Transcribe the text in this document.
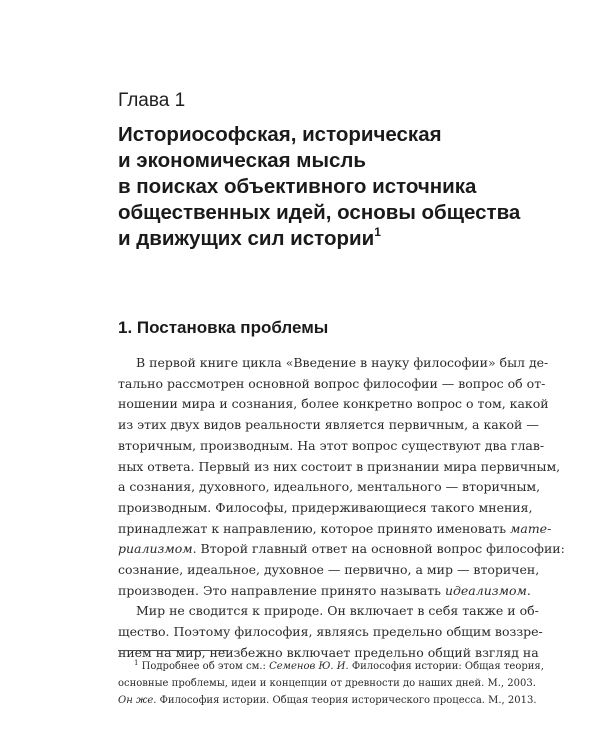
Глава 1
Историософская, историческая
и экономическая мысль
в поисках объективного источника
общественных идей, основы общества
и движущих сил истории$^1$
1. Постановка проблемы
В первой книге цикла «Введение в науку философии» был де-
тально рассмотрен основной вопрос философии — вопрос об от-
ношении мира и сознания, более конкретно вопрос о том, какой
из этих двух видов реальности является первичным, а какой —
вторичным, производным. На этот вопрос существуют два глав-
ных ответа. Первый из них состоит в признании мира первичным,
а сознания, духовного, идеального, ментального — вторичным,
производным. Философы, придерживающиеся такого мнения,
принадлежат к направлению, которое принято именовать мате-
риализмом. Второй главный ответ на основной вопрос философии:
сознание, идеальное, духовное — первично, а мир — вторичен,
производен. Это направление принято называть идеализмом.
Мир не сводится к природе. Он включает в себя также и об-
щество. Поэтому философия, являясь предельно общим воззре-
нием на мир, неизбежно включает предельно общий взгляд на
$^1$ Подробнее об этом см.: Семенов Ю. И. Философия истории: Общая теория,
основные проблемы, идеи и концепции от древности до наших дней. М., 2003.
Он же. Философия истории. Общая теория исторического процесса. М., 2013.
